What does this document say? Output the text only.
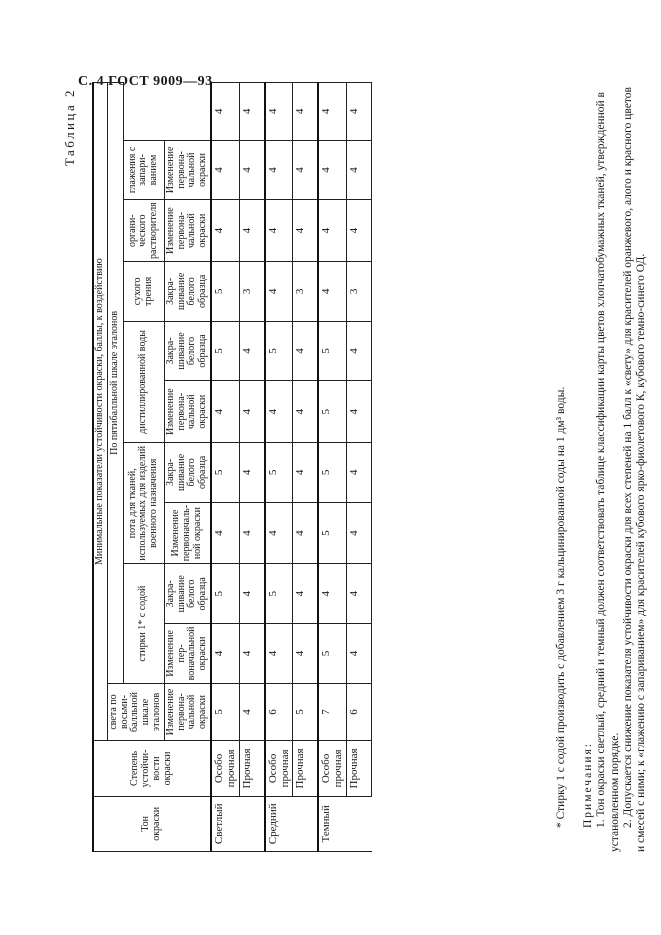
С. 4 ГОСТ 9009—93
Таблица 2
Тон окраски	Степень устойчивости окраски	Минимальные показатели устойчивости окраски, баллы, к воздействию										
		света по восьмибалльной шкале эталонов	По пятибалльной шкале эталонов									
			стирки 1* с содой		пота для тканей, используемых для изделий военного назначения		дистиллированной воды		сухого трения	органического растворителя	глажения с запариванием	
		Изменение первоначальной окраски	Изменение первоначальной окраски	Закрашивание белого образца	Изменение первоначальной окраски	Закрашивание белого образца	Изменение первоначальной окраски	Закрашивание белого образца	Закрашивание белого образца	Изменение первоначальной окраски	Изменение первоначальной окраски	
Светлый	Особо прочная	5	4	5	4	5	4	5	5	4	4	4
	Прочная	4	4	4	4	4	4	4	3	4	4	4
Средний	Особо прочная	6	4	5	4	5	4	5	4	4	4	4
	Прочная	5	4	4	4	4	4	4	3	4	4	4
Темный	Особо прочная	7	5	4	5	5	5	5	4	4	4	4
	Прочная	6	4	4	4	4	4	4	3	4	4	4

* Стирку 1 с содой производить с добавлением 3 г кальцинированной соды на 1 дм³ воды. Примечания: 1. Тон окраски светлый, средний и темный должен соответствовать таблице классификации карты цветов хлопчатобумажных тканей, утвержденной в установленном порядке. 2. Допускается снижение показателя устойчивости окраски для всех степеней на 1 балл к «свету» для красителей оранжевого, алого и красного цветов и смесей с ними; к «глажению с запариванием» для красителей кубового ярко-фиолетового К, кубового темно-синего ОД.
